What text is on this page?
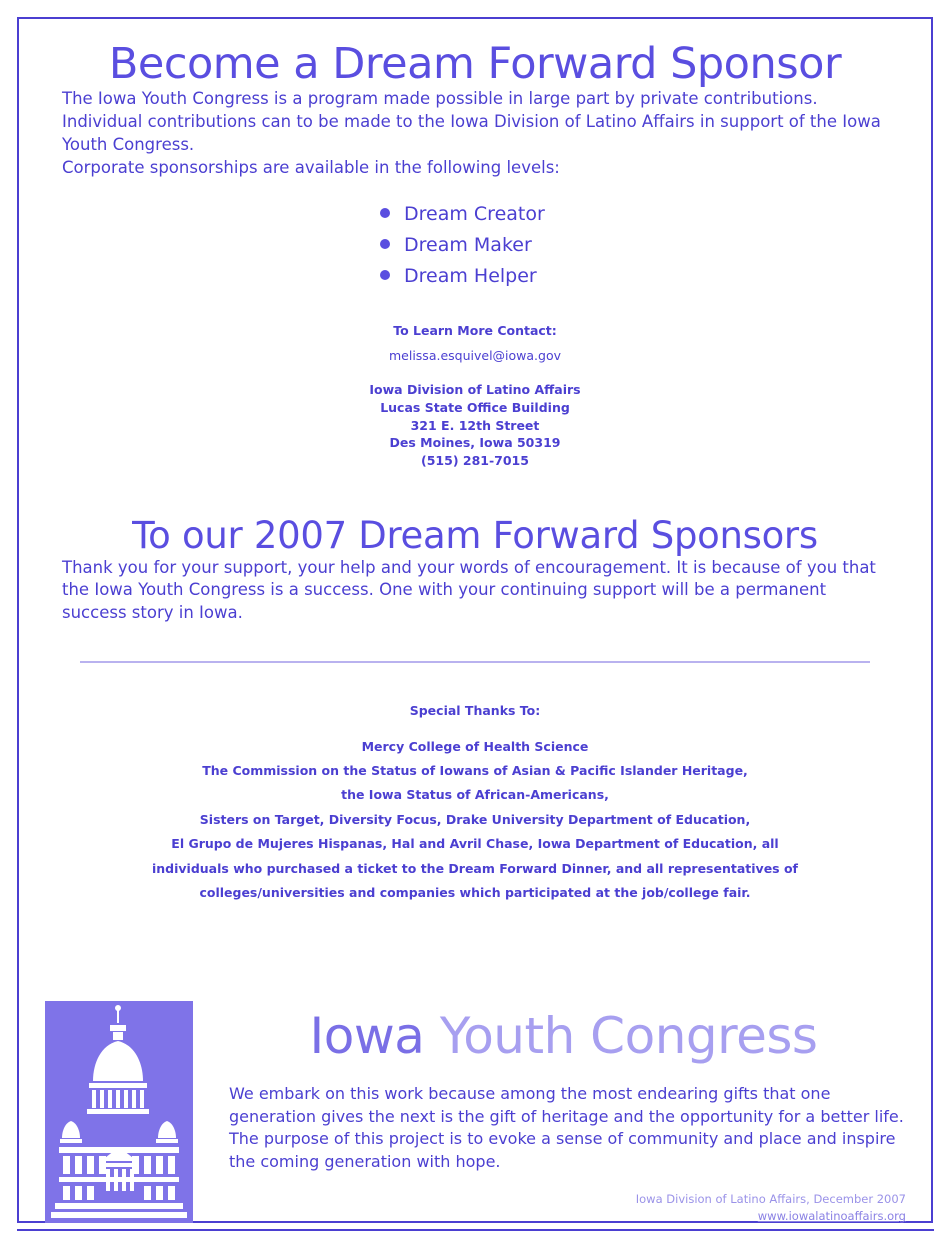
Become a Dream Forward Sponsor

The Iowa Youth Congress is a program made possible in large part by private contributions. Individual contributions can to be made to the Iowa Division of Latino Affairs in support of the Iowa Youth Congress.

Corporate sponsorships are available in the following levels:

Dream Creator
Dream Maker
Dream Helper
To Learn More Contact:
melissa.esquivel@iowa.gov
Iowa Division of Latino Affairs
Lucas State Office Building
321 E. 12th Street
Des Moines, Iowa 50319
(515) 281-7015
To our 2007 Dream Forward Sponsors

Thank you for your support, your help and your words of encouragement. It is because of you that the Iowa Youth Congress is a success. One with your continuing support will be a permanent success story in Iowa.

Special Thanks To:
Mercy College of Health Science
The Commission on the Status of Iowans of Asian & Pacific Islander Heritage,
the Iowa Status of African-Americans,
Sisters on Target, Diversity Focus, Drake University Department of Education,
El Grupo de Mujeres Hispanas, Hal and Avril Chase, Iowa Department of Education, all
individuals who purchased a ticket to the Dream Forward Dinner, and all representatives of
colleges/universities and companies which participated at the job/college fair.
Iowa Youth Congress
We embark on this work because among the most endearing gifts that one generation gives the next is the gift of heritage and the opportunity for a better life. The purpose of this project is to evoke a sense of community and place and inspire the coming generation with hope.
Iowa Division of Latino Affairs, December 2007
www.iowalatinoaffairs.org
